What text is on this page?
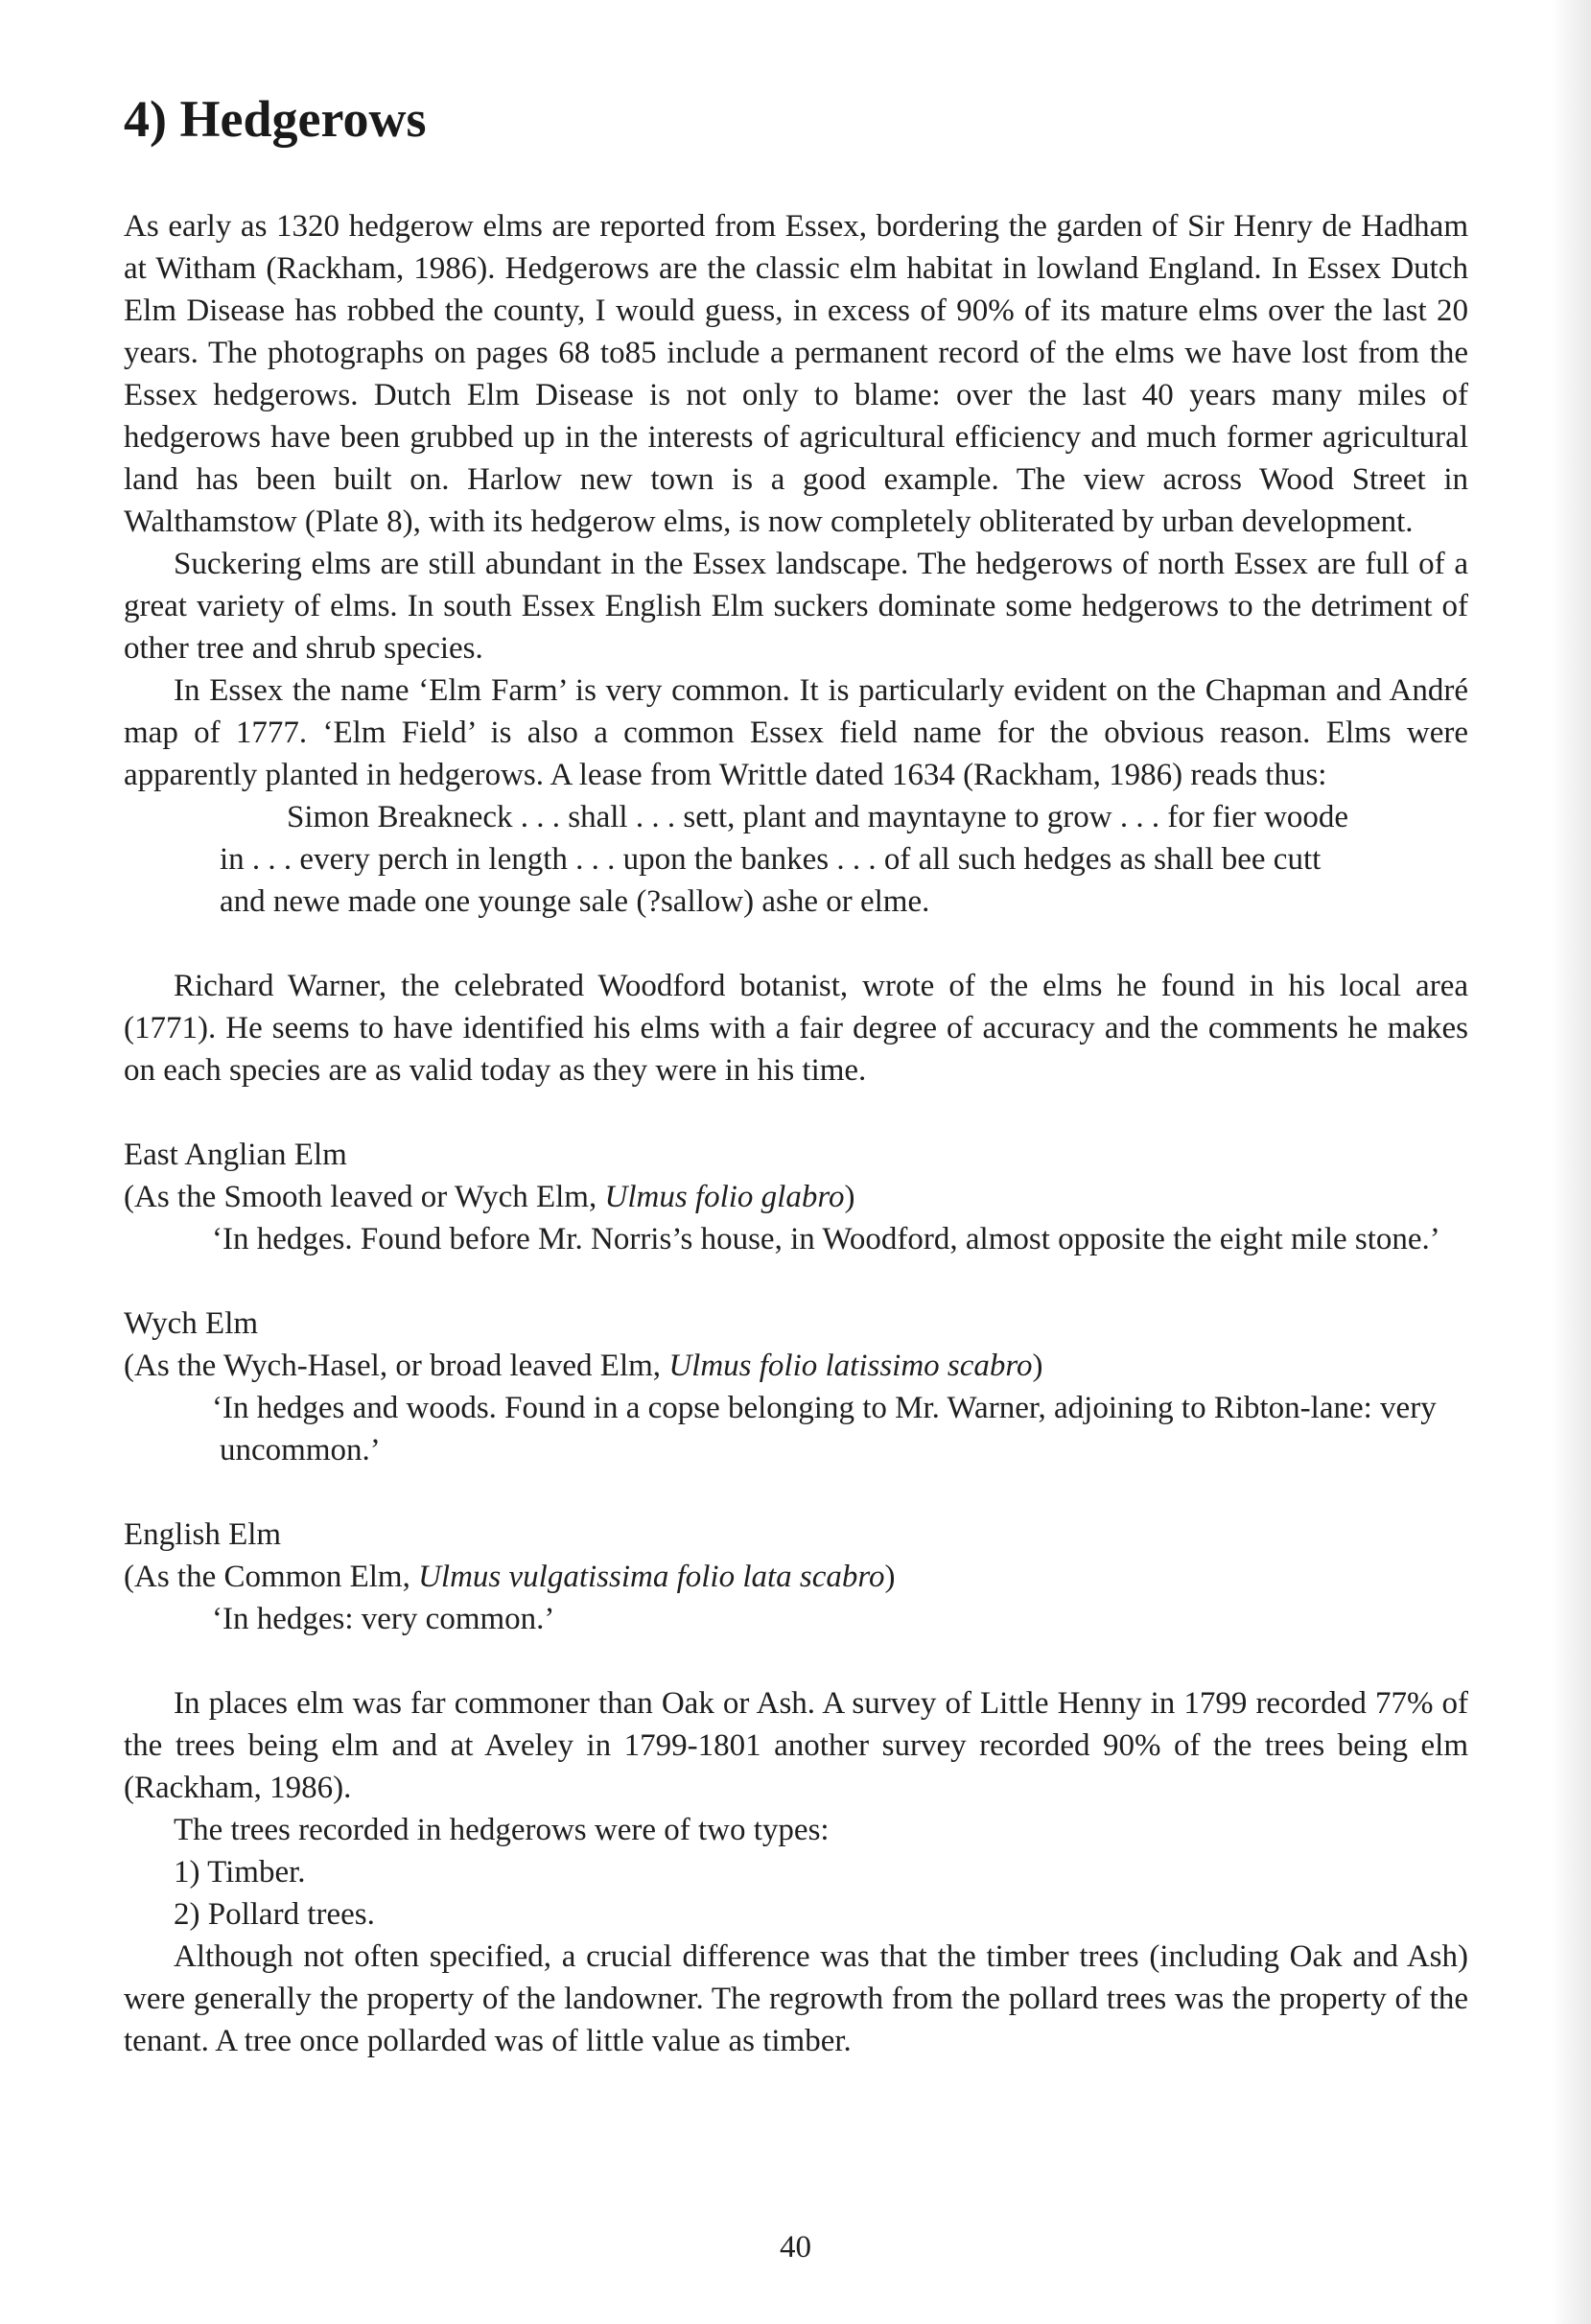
4) Hedgerows

As early as 1320 hedgerow elms are reported from Essex, bordering the garden of Sir Henry de Hadham at Witham (Rackham, 1986). Hedgerows are the classic elm habitat in lowland England. In Essex Dutch Elm Disease has robbed the county, I would guess, in excess of 90% of its mature elms over the last 20 years. The photographs on pages 68 to85 include a permanent record of the elms we have lost from the Essex hedgerows. Dutch Elm Disease is not only to blame: over the last 40 years many miles of hedgerows have been grubbed up in the interests of agricultural efficiency and much former agricultural land has been built on. Harlow new town is a good example. The view across Wood Street in Walthamstow (Plate 8), with its hedgerow elms, is now completely obliterated by urban development.

Suckering elms are still abundant in the Essex landscape. The hedgerows of north Essex are full of a great variety of elms. In south Essex English Elm suckers dominate some hedgerows to the detriment of other tree and shrub species.

In Essex the name ‘Elm Farm’ is very common. It is particularly evident on the Chapman and André map of 1777. ‘Elm Field’ is also a common Essex field name for the obvious reason. Elms were apparently planted in hedgerows. A lease from Writtle dated 1634 (Rackham, 1986) reads thus:

Simon Breakneck . . . shall . . . sett, plant and mayntayne to grow . . . for fier woode in . . . every perch in length . . . upon the bankes . . . of all such hedges as shall bee cutt and newe made one younge sale (?sallow) ashe or elme.

Richard Warner, the celebrated Woodford botanist, wrote of the elms he found in his local area (1771). He seems to have identified his elms with a fair degree of accuracy and the comments he makes on each species are as valid today as they were in his time.

East Anglian Elm

(As the Smooth leaved or Wych Elm, Ulmus folio glabro)

‘In hedges. Found before Mr. Norris’s house, in Woodford, almost opposite the eight mile stone.’

Wych Elm

(As the Wych-Hasel, or broad leaved Elm, Ulmus folio latissimo scabro)

‘In hedges and woods. Found in a copse belonging to Mr. Warner, adjoining to Ribton-lane: very uncommon.’

English Elm

(As the Common Elm, Ulmus vulgatissima folio lata scabro)

‘In hedges: very common.’

In places elm was far commoner than Oak or Ash. A survey of Little Henny in 1799 recorded 77% of the trees being elm and at Aveley in 1799-1801 another survey recorded 90% of the trees being elm (Rackham, 1986).

The trees recorded in hedgerows were of two types:

1) Timber.

2) Pollard trees.

Although not often specified, a crucial difference was that the timber trees (including Oak and Ash) were generally the property of the landowner. The regrowth from the pollard trees was the property of the tenant. A tree once pollarded was of little value as timber.

40
